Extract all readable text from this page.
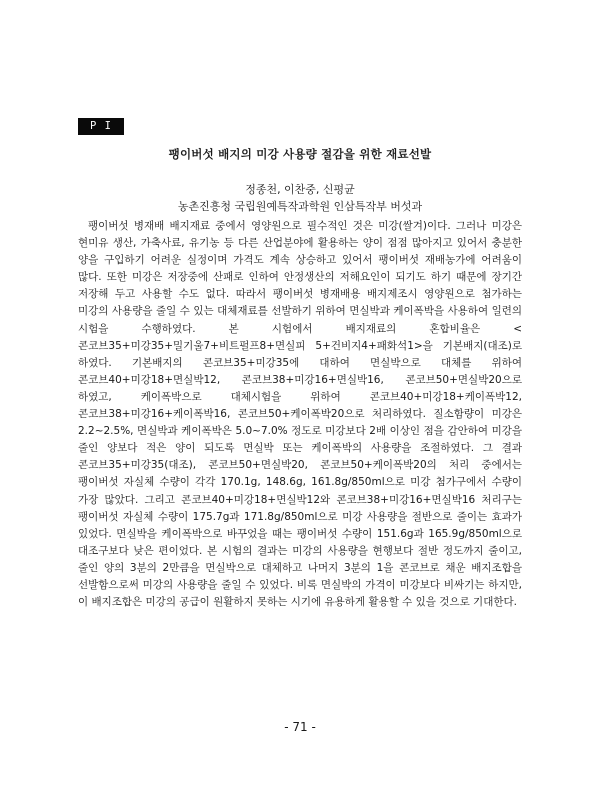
P I -16
팽이버섯 배지의 미강 사용량 절감을 위한 재료선발
정종천, 이찬중, 신평균
농촌진흥청 국립원예특작과학원 인삼특작부 버섯과

팽이버섯 병재배 배지재료 중에서 영양원으로 필수적인 것은 미강(쌀겨)이다. 그러나 미강은 현미유 생산, 가축사료, 유기농 등 다른 산업분야에 활용하는 양이 점점 많아지고 있어서 충분한 양을 구입하기 어려운 실정이며 가격도 계속 상승하고 있어서 팽이버섯 재배농가에 어려움이 많다. 또한 미강은 저장중에 산패로 인하여 안정생산의 저해요인이 되기도 하기 때문에 장기간 저장해 두고 사용할 수도 없다. 따라서 팽이버섯 병재배용 배지제조시 영양원으로 첨가하는 미강의 사용량을 줄일 수 있는 대체재료를 선발하기 위하여 면실박과 케이폭박을 사용하여 일련의 시험을 수행하였다. 본 시험에서 배지재료의 혼합비율은 <콘코브35+미강35+밀기울7+비트펄프8+면실피 5+건비지4+패화석1>을 기본배지(대조)로 하였다. 기본배지의 콘코브35+미강35에 대하여 면실박으로 대체를 위하여 콘코브40+미강18+면실박12, 콘코브38+미강16+면실박16, 콘코브50+면실박20으로 하였고, 케이폭박으로 대체시험을 위하여 콘코브40+미강18+케이폭박12, 콘코브38+미강16+케이폭박16, 콘코브50+케이폭박20으로 처리하였다. 질소함량이 미강은 2.2~2.5%, 면실박과 케이폭박은 5.0~7.0% 정도로 미강보다 2배 이상인 점을 감안하여 미강을 줄인 양보다 적은 양이 되도록 면실박 또는 케이폭박의 사용량을 조절하였다. 그 결과 콘코브35+미강35(대조), 콘코브50+면실박20, 콘코브50+케이폭박20의 처리 중에서는 팽이버섯 자실체 수량이 각각 170.1g, 148.6g, 161.8g/850ml으로 미강 첨가구에서 수량이 가장 많았다. 그리고 콘코브40+미강18+면실박12와 콘코브38+미강16+면실박16 처리구는 팽이버섯 자실체 수량이 175.7g과 171.8g/850ml으로 미강 사용량을 절반으로 줄이는 효과가 있었다. 면실박을 케이폭박으로 바꾸었을 때는 팽이버섯 수량이 151.6g과 165.9g/850ml으로 대조구보다 낮은 편이었다. 본 시험의 결과는 미강의 사용량을 현행보다 절반 정도까지 줄이고, 줄인 양의 3분의 2만큼을 면실박으로 대체하고 나머지 3분의 1을 콘코브로 채운 배지조합을 선발함으로써 미강의 사용량을 줄일 수 있었다. 비록 면실박의 가격이 미강보다 비싸기는 하지만, 이 배지조합은 미강의 공급이 원활하지 못하는 시기에 유용하게 활용할 수 있을 것으로 기대한다.

- 71 -
